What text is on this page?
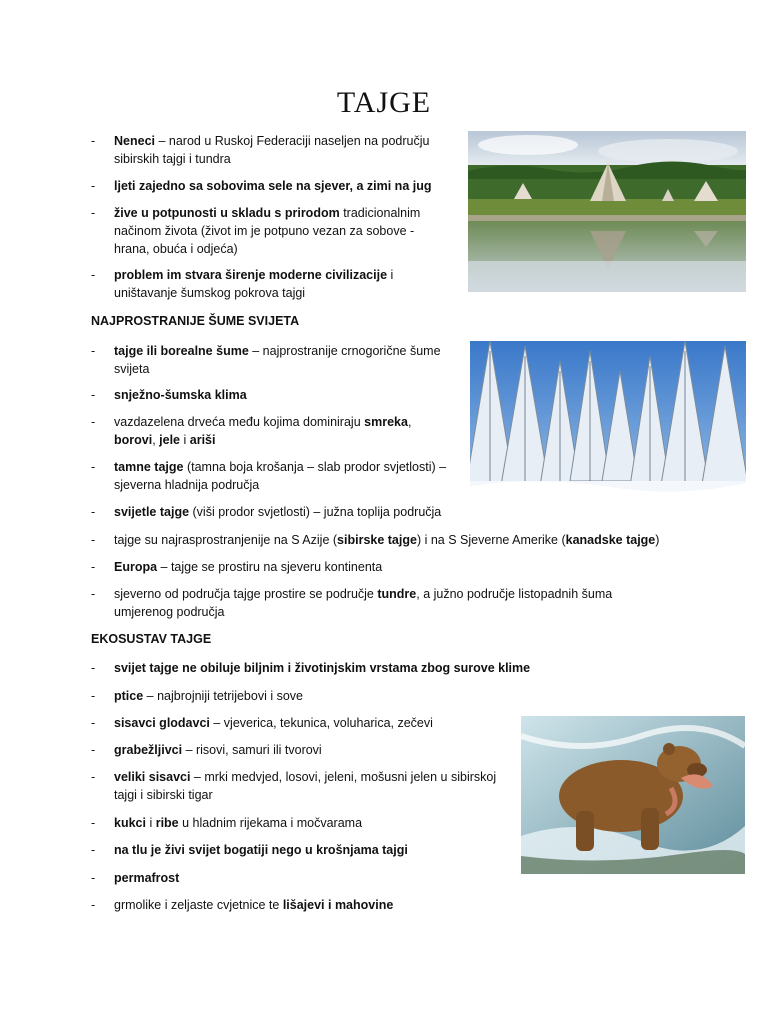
TAJGE
- Neneci – narod u Ruskoj Federaciji naseljen na području sibirskih tajgi i tundra
- ljeti zajedno sa sobovima sele na sjever, a zimi na jug
- žive u potpunosti u skladu s prirodom tradicionalnim načinom života (život im je potpuno vezan za sobove - hrana, obuća i odjeća)
- problem im stvara širenje moderne civilizacije i uništavanje šumskog pokrova tajgi
NAJPROSTRANIJE ŠUME SVIJETA
- tajge ili borealne šume – najprostranije crnogorične šume svijeta
- snježno-šumska klima
- vazdazelena drveća među kojima dominiraju smreka, borovi, jele i ariši
- tamne tajge (tamna boja krošanja – slab prodor svjetlosti) – sjeverna hladnija područja
- svijetle tajge (viši prodor svjetlosti) – južna toplija područja
- tajge su najrasprostranjenije na S Azije (sibirske tajge) i na S Sjeverne Amerike (kanadske tajge)
- Europa – tajge se prostiru na sjeveru kontinenta
- sjeverno od područja tajge prostire se područje tundre, a južno područje listopadnih šuma umjerenog područja
EKOSUSTAV TAJGE
- svijet tajge ne obiluje biljnim i životinjskim vrstama zbog surove klime
- ptice – najbrojniji tetrijebovi i sove
- sisavci glodavci – vjeverica, tekunica, voluharica, zečevi
- grabežljivci – risovi, samuri ili tvorovi
- veliki sisavci – mrki medvjed, losovi, jeleni, mošusni jelen u sibirskoj tajgi i sibirski tigar
- kukci i ribe u hladnim rijekama i močvarama
- na tlu je živi svijet bogatiji nego u krošnjama tajgi
- permafrost
- grmolike i zeljaste cvjetnice te lišajevi i mahovine
